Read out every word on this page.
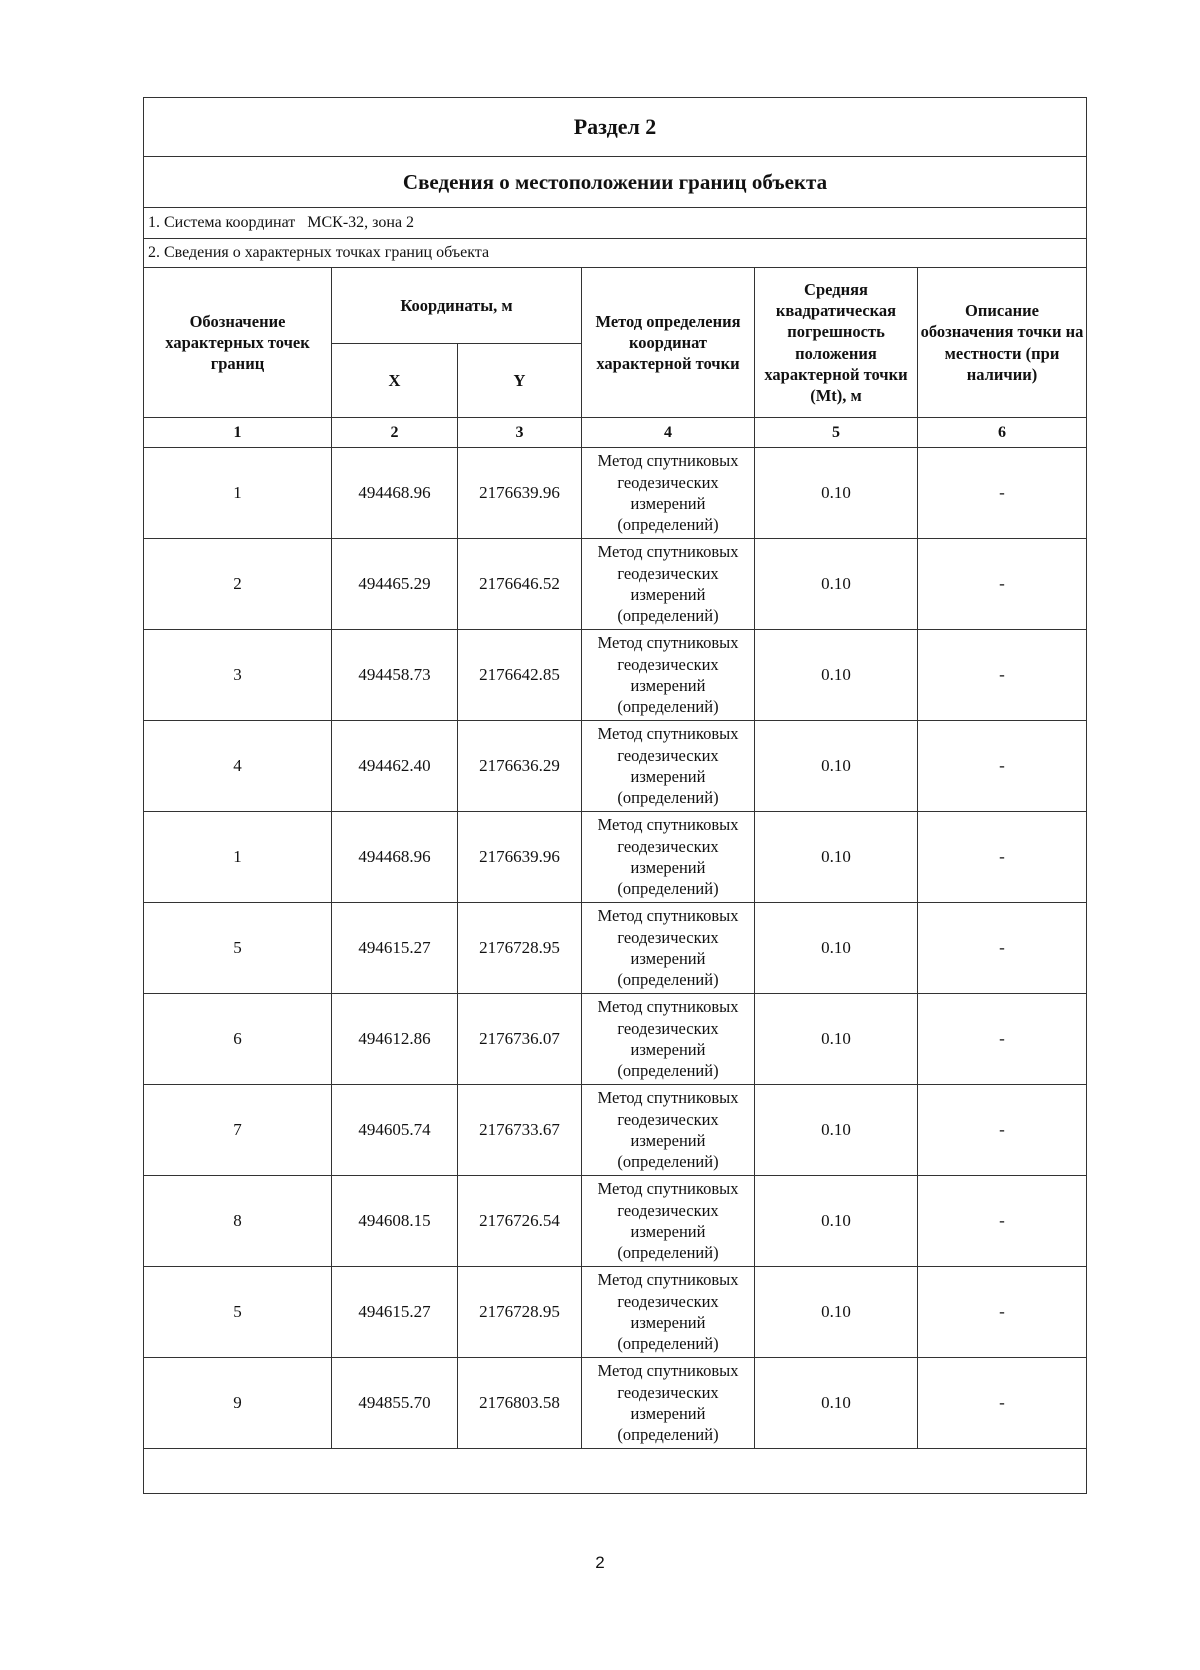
Раздел 2					
Сведения о местоположении границ объекта					
1. Система координат МСК-32, зона 2					
2. Сведения о характерных точках границ объекта					
Обозначение характерных точек границ	Координаты, м		Метод определения координат характерной точки	Средняя квадратическая погрешность положения характерной точки (Mt), м	Описание обозначения точки на местности (при наличии)
	X	Y			
1	2	3	4	5	6
1	494468.96	2176639.96	Метод спутниковых геодезических измерений (определений)	0.10	-
2	494465.29	2176646.52	Метод спутниковых геодезических измерений (определений)	0.10	-
3	494458.73	2176642.85	Метод спутниковых геодезических измерений (определений)	0.10	-
4	494462.40	2176636.29	Метод спутниковых геодезических измерений (определений)	0.10	-
1	494468.96	2176639.96	Метод спутниковых геодезических измерений (определений)	0.10	-
5	494615.27	2176728.95	Метод спутниковых геодезических измерений (определений)	0.10	-
6	494612.86	2176736.07	Метод спутниковых геодезических измерений (определений)	0.10	-
7	494605.74	2176733.67	Метод спутниковых геодезических измерений (определений)	0.10	-
8	494608.15	2176726.54	Метод спутниковых геодезических измерений (определений)	0.10	-
5	494615.27	2176728.95	Метод спутниковых геодезических измерений (определений)	0.10	-
9	494855.70	2176803.58	Метод спутниковых геодезических измерений (определений)	0.10	-

2
